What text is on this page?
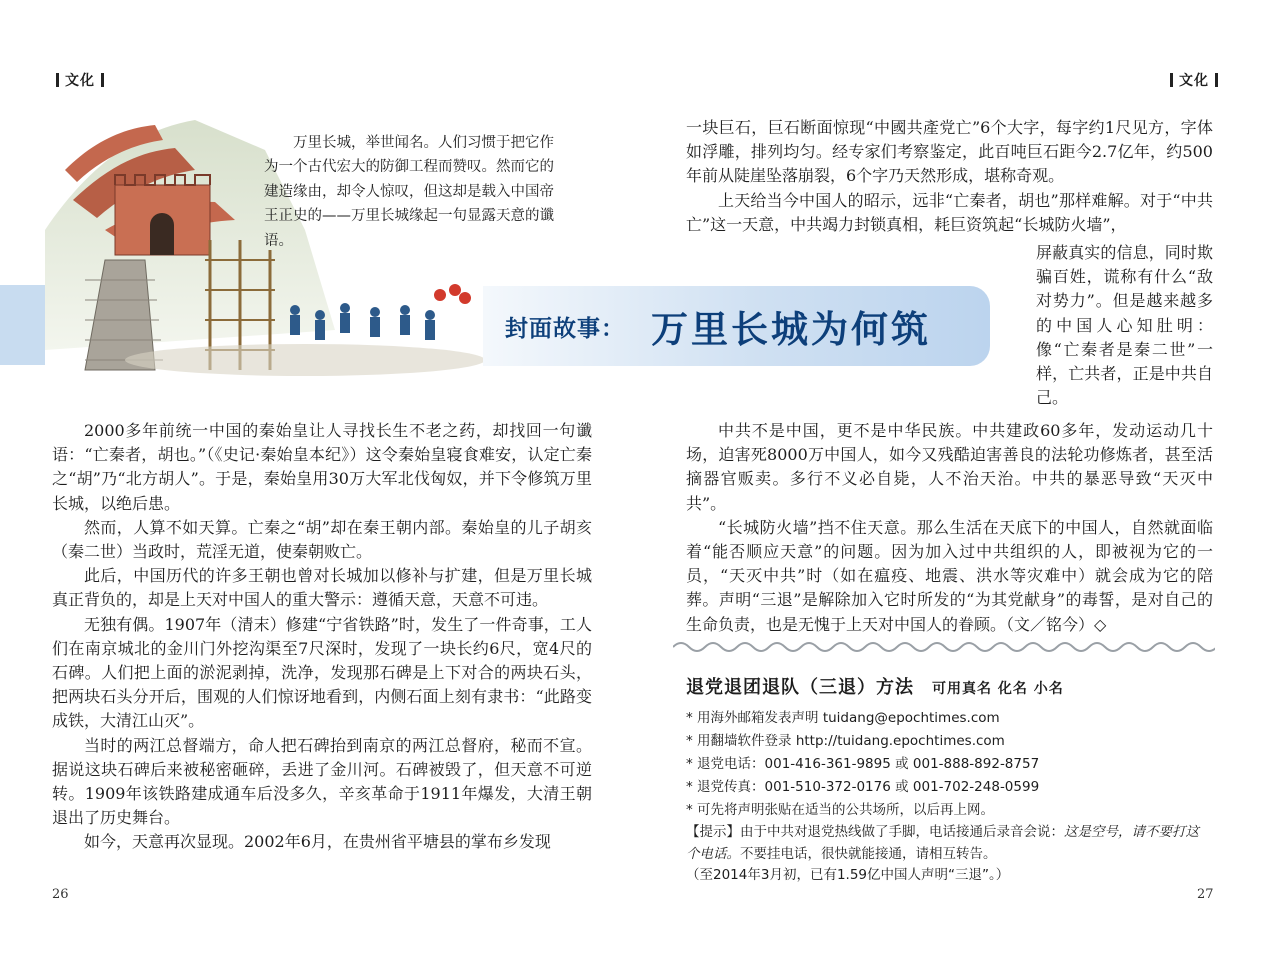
文化	文化

万里长城，举世闻名。人们习惯于把它作为一个古代宏大的防御工程而赞叹。然而它的建造缘由，却令人惊叹，但这却是载入中国帝王正史的——万里长城缘起一句显露天意的谶语。

封面故事： 万里长城为何筑

2000多年前统一中国的秦始皇让人寻找长生不老之药，却找回一句谶语：“亡秦者，胡也。”（《史记·秦始皇本纪》）这令秦始皇寝食难安，认定亡秦之“胡”乃“北方胡人”。于是，秦始皇用30万大军北伐匈奴，并下令修筑万里长城，以绝后患。

然而，人算不如天算。亡秦之“胡”却在秦王朝内部。秦始皇的儿子胡亥（秦二世）当政时，荒淫无道，使秦朝败亡。

此后，中国历代的许多王朝也曾对长城加以修补与扩建，但是万里长城真正背负的，却是上天对中国人的重大警示：遵循天意，天意不可违。

无独有偶。1907年（清末）修建“宁省铁路”时，发生了一件奇事，工人们在南京城北的金川门外挖沟渠至7尺深时，发现了一块长约6尺，宽4尺的石碑。人们把上面的淤泥剥掉，洗净，发现那石碑是上下对合的两块石头，把两块石头分开后，围观的人们惊讶地看到，内侧石面上刻有隶书：“此路变成铁，大清江山灭”。

当时的两江总督端方，命人把石碑抬到南京的两江总督府，秘而不宣。据说这块石碑后来被秘密砸碎，丢进了金川河。石碑被毁了，但天意不可逆转。1909年该铁路建成通车后没多久，辛亥革命于1911年爆发，大清王朝退出了历史舞台。

如今，天意再次显现。2002年6月，在贵州省平塘县的掌布乡发现

一块巨石，巨石断面惊现“中國共產党亡”6个大字，每字约1尺见方，字体如浮雕，排列均匀。经专家们考察鉴定，此百吨巨石距今2.7亿年，约500年前从陡崖坠落崩裂，6个字乃天然形成，堪称奇观。

上天给当今中国人的昭示，远非“亡秦者，胡也”那样难解。对于“中共亡”这一天意，中共竭力封锁真相，耗巨资筑起“长城防火墙”，

屏蔽真实的信息，同时欺骗百姓，谎称有什么“敌对势力”。但是越来越多的中国人心知肚明：像“亡秦者是秦二世”一样，亡共者，正是中共自己。

中共不是中国，更不是中华民族。中共建政60多年，发动运动几十场，迫害死8000万中国人，如今又残酷迫害善良的法轮功修炼者，甚至活摘器官贩卖。多行不义必自毙，人不治天治。中共的暴恶导致“天灭中共”。

“长城防火墙”挡不住天意。那么生活在天底下的中国人，自然就面临着“能否顺应天意”的问题。因为加入过中共组织的人，即被视为它的一员，“天灭中共”时（如在瘟疫、地震、洪水等灾难中）就会成为它的陪葬。声明“三退”是解除加入它时所发的“为其党献身”的毒誓，是对自己的生命负责，也是无愧于上天对中国人的眷顾。（文／铭今）◇

退党退团退队（三退）方法 可用真名 化名 小名
* 用海外邮箱发表声明 tuidang@epochtimes.com
* 用翻墙软件登录 http://tuidang.epochtimes.com
* 退党电话：001-416-361-9895 或 001-888-892-8757
* 退党传真：001-510-372-0176 或 001-702-248-0599
* 可先将声明张贴在适当的公共场所，以后再上网。
【提示】由于中共对退党热线做了手脚，电话接通后录音会说：这是空号，请不要打这个电话。不要挂电话，很快就能接通，请相互转告。
（至2014年3月初，已有1.59亿中国人声明“三退”。）
26	27
